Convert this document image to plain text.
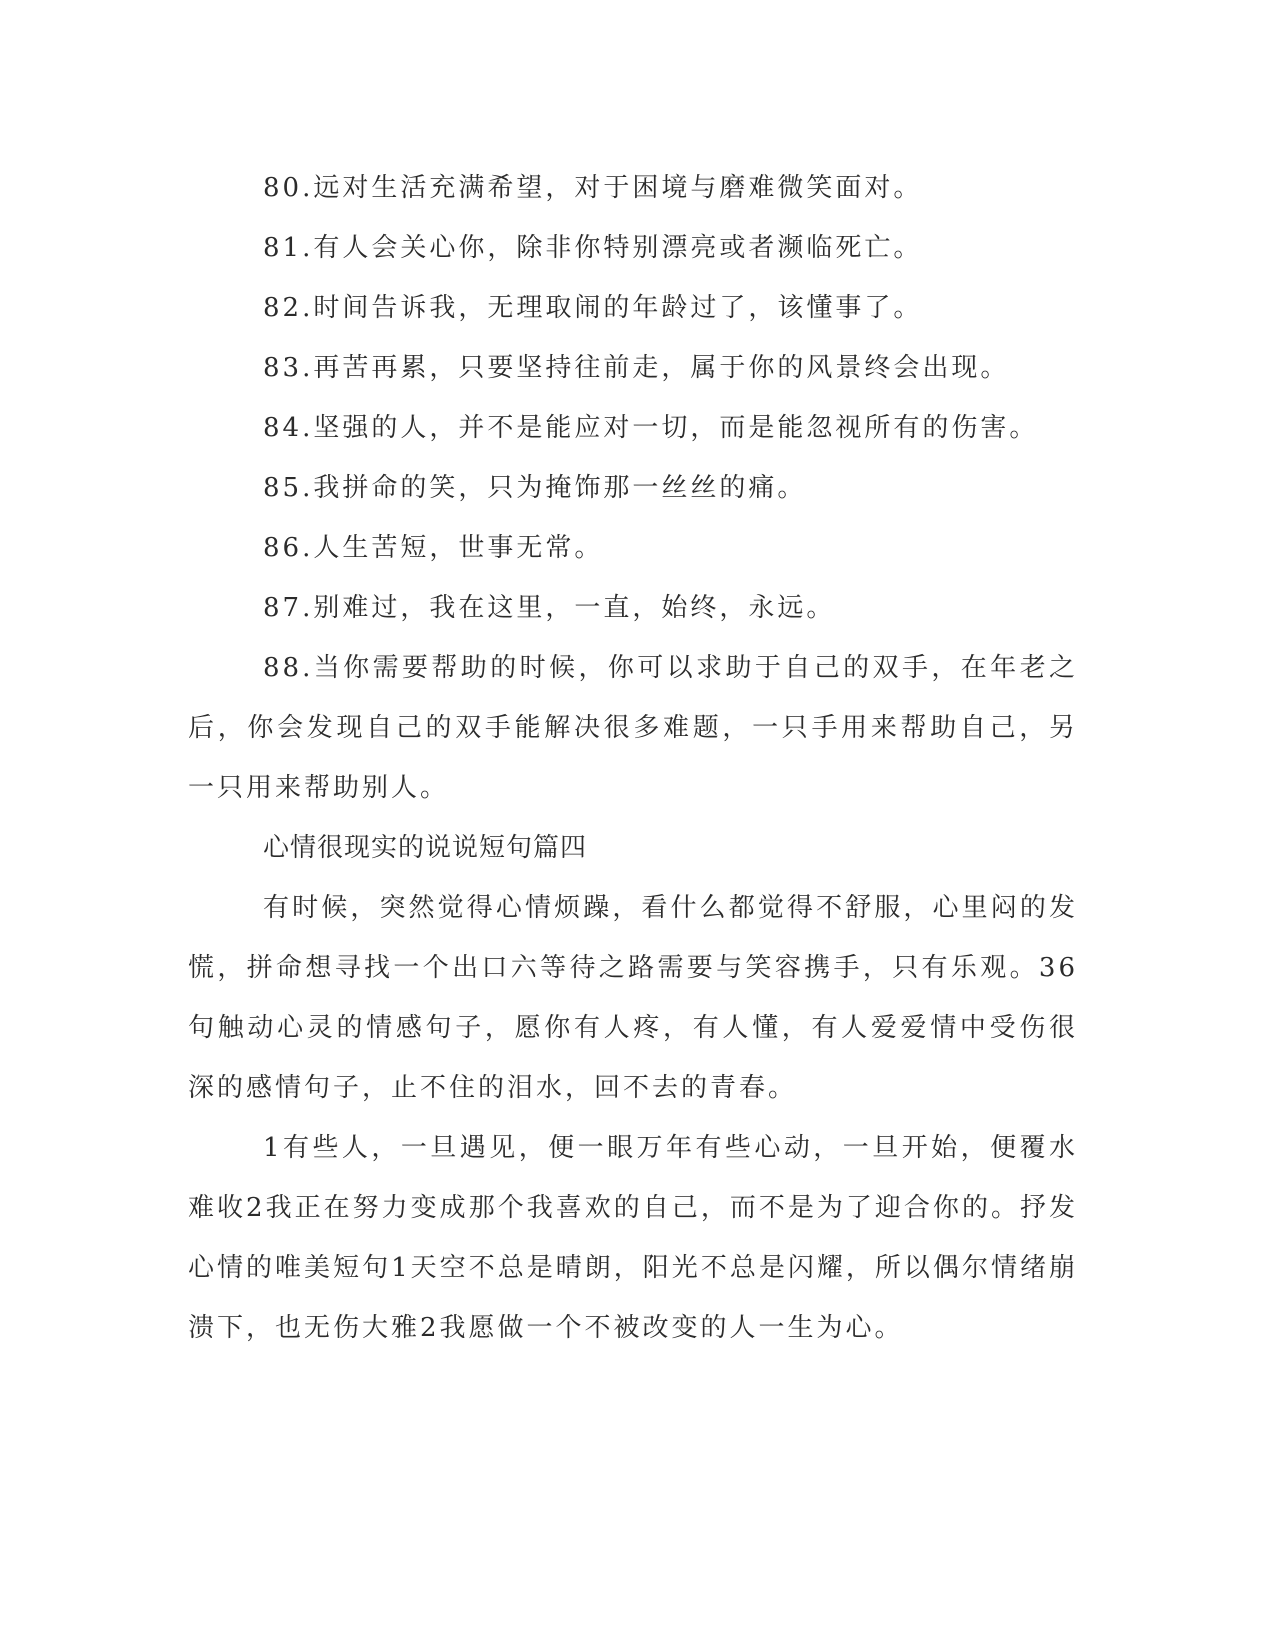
80.远对生活充满希望，对于困境与磨难微笑面对。

81.有人会关心你，除非你特别漂亮或者濒临死亡。

82.时间告诉我，无理取闹的年龄过了，该懂事了。

83.再苦再累，只要坚持往前走，属于你的风景终会出现。

84.坚强的人，并不是能应对一切，而是能忽视所有的伤害。

85.我拼命的笑，只为掩饰那一丝丝的痛。

86.人生苦短，世事无常。

87.别难过，我在这里，一直，始终，永远。

88.当你需要帮助的时候，你可以求助于自己的双手，在年老之后，你会发现自己的双手能解决很多难题，一只手用来帮助自己，另一只用来帮助别人。

心情很现实的说说短句篇四

有时候，突然觉得心情烦躁，看什么都觉得不舒服，心里闷的发慌，拼命想寻找一个出口六等待之路需要与笑容携手，只有乐观。36句触动心灵的情感句子，愿你有人疼，有人懂，有人爱爱情中受伤很深的感情句子，止不住的泪水，回不去的青春。

1有些人，一旦遇见，便一眼万年有些心动，一旦开始，便覆水难收2我正在努力变成那个我喜欢的自己，而不是为了迎合你的。抒发心情的唯美短句1天空不总是晴朗，阳光不总是闪耀，所以偶尔情绪崩溃下，也无伤大雅2我愿做一个不被改变的人一生为心。
